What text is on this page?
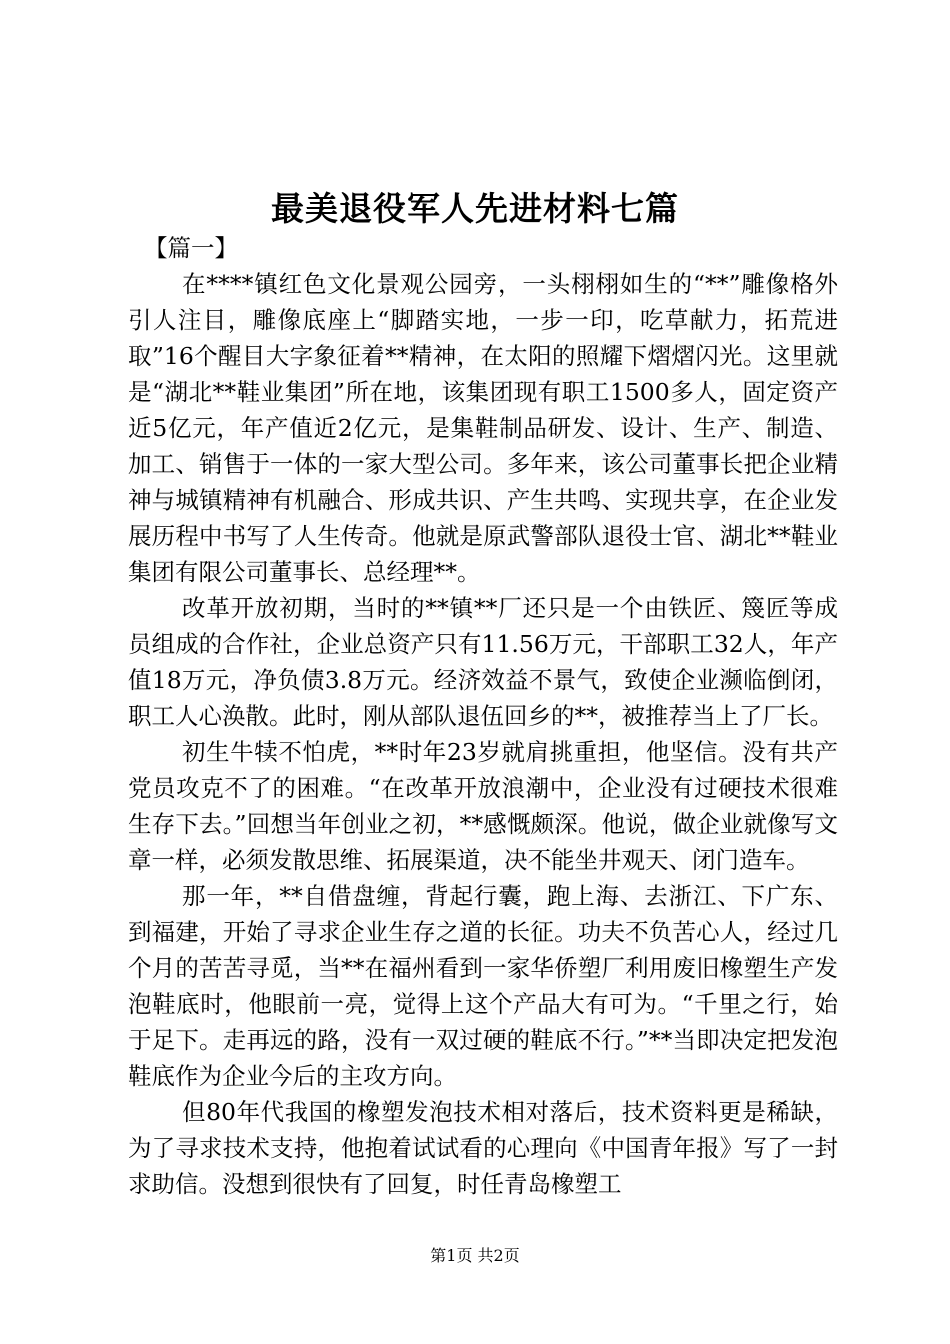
最美退役军人先进材料七篇
【篇一】

在****镇红色文化景观公园旁，一头栩栩如生的“**”雕像格外引人注目，雕像底座上“脚踏实地，一步一印，吃草献力，拓荒进取”16个醒目大字象征着**精神，在太阳的照耀下熠熠闪光。这里就是“湖北**鞋业集团”所在地，该集团现有职工1500多人，固定资产近5亿元，年产值近2亿元，是集鞋制品研发、设计、生产、制造、加工、销售于一体的一家大型公司。多年来，该公司董事长把企业精神与城镇精神有机融合、形成共识、产生共鸣、实现共享，在企业发展历程中书写了人生传奇。他就是原武警部队退役士官、湖北**鞋业集团有限公司董事长、总经理**。

改革开放初期，当时的**镇**厂还只是一个由铁匠、篾匠等成员组成的合作社，企业总资产只有11.56万元，干部职工32人，年产值18万元，净负债3.8万元。经济效益不景气，致使企业濒临倒闭，职工人心涣散。此时，刚从部队退伍回乡的**，被推荐当上了厂长。

初生牛犊不怕虎，**时年23岁就肩挑重担，他坚信。没有共产党员攻克不了的困难。“在改革开放浪潮中，企业没有过硬技术很难生存下去。”回想当年创业之初，**感慨颇深。他说，做企业就像写文章一样，必须发散思维、拓展渠道，决不能坐井观天、闭门造车。

那一年，**自借盘缠，背起行囊，跑上海、去浙江、下广东、到福建，开始了寻求企业生存之道的长征。功夫不负苦心人，经过几个月的苦苦寻觅，当**在福州看到一家华侨塑厂利用废旧橡塑生产发泡鞋底时，他眼前一亮，觉得上这个产品大有可为。“千里之行，始于足下。走再远的路，没有一双过硬的鞋底不行。”**当即决定把发泡鞋底作为企业今后的主攻方向。

但80年代我国的橡塑发泡技术相对落后，技术资料更是稀缺，为了寻求技术支持，他抱着试试看的心理向《中国青年报》写了一封求助信。没想到很快有了回复，时任青岛橡塑工

第1页 共2页
